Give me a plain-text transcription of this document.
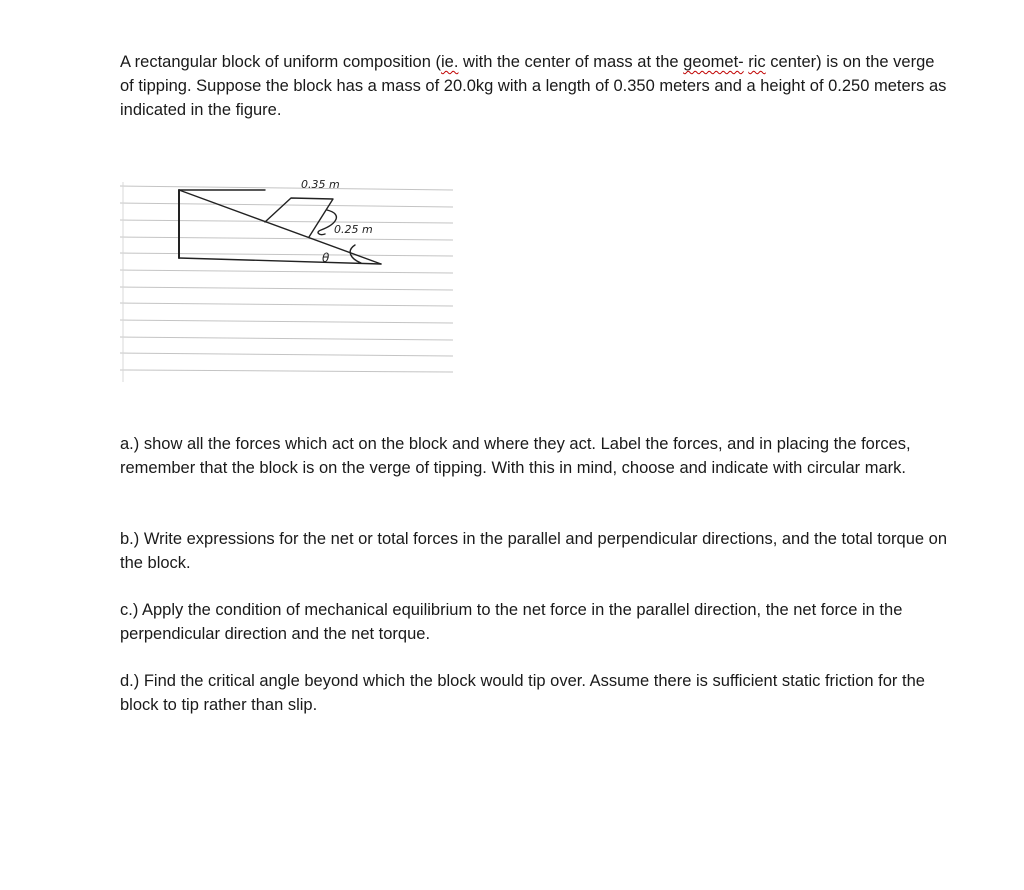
A rectangular block of uniform composition (ie. with the center of mass at the geomet- ric center) is on the verge of tipping. Suppose the block has a mass of 20.0kg with a length of 0.350 meters and a height of 0.250 meters as indicated in the figure.

0.35 m
0.25 m
θ

a.) show all the forces which act on the block and where they act. Label the forces, and in placing the forces, remember that the block is on the verge of tipping. With this in mind, choose and indicate with circular mark.

b.) Write expressions for the net or total forces in the parallel and perpendicular directions, and the total torque on the block.

c.) Apply the condition of mechanical equilibrium to the net force in the parallel direction, the net force in the perpendicular direction and the net torque.

d.) Find the critical angle beyond which the block would tip over. Assume there is sufficient static friction for the block to tip rather than slip.
